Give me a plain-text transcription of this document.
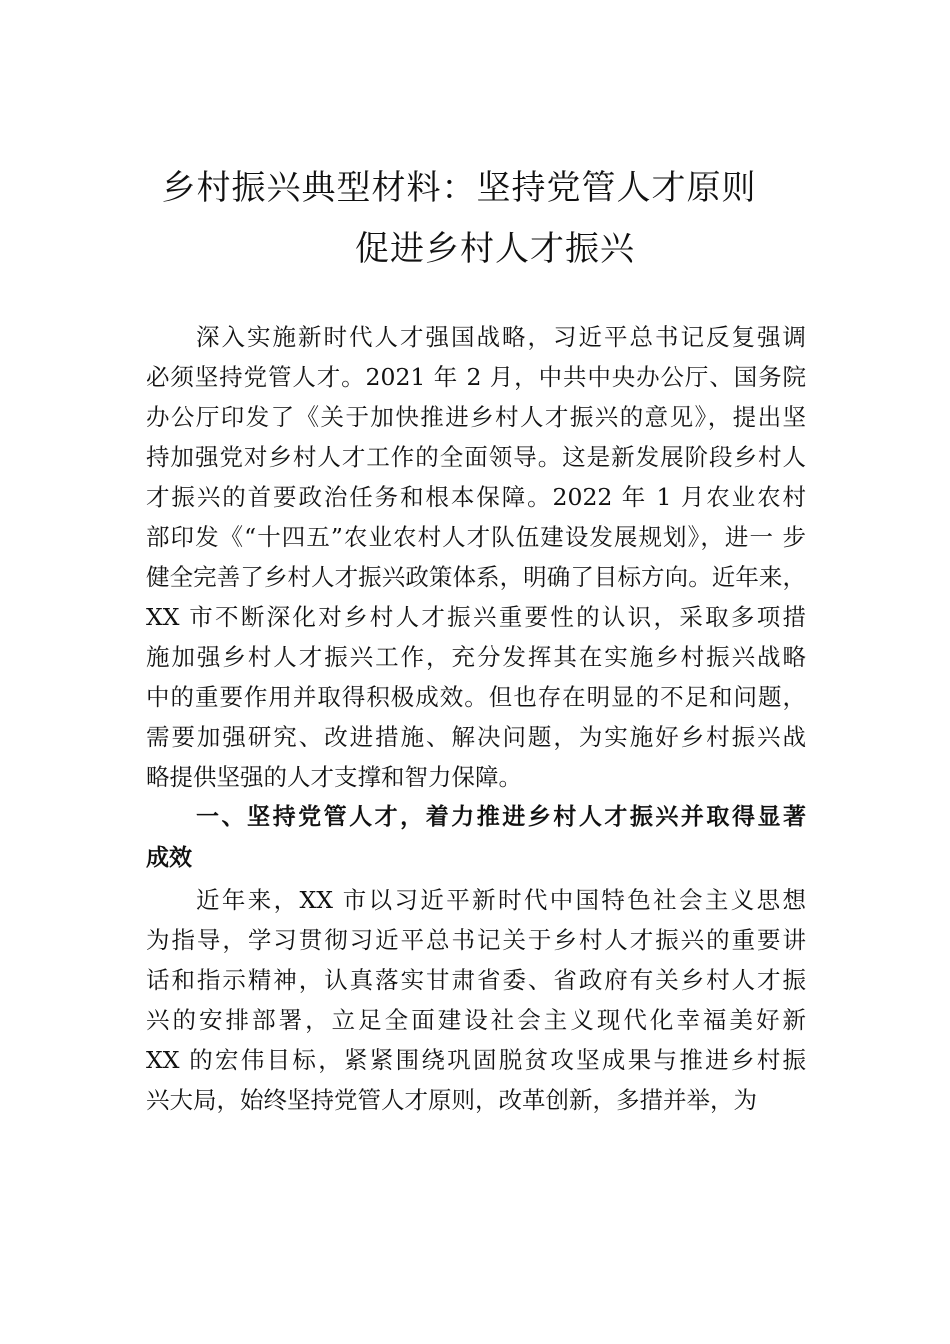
乡村振兴典型材料：坚持党管人才原则
促进乡村人才振兴
深入实施新时代人才强国战略，习近平总书记反复强调
必须坚持党管人才。2021 年 2 月，中共中央办公厅、国务院
办公厅印发了《关于加快推进乡村人才振兴的意见》，提出坚
持加强党对乡村人才工作的全面领导。这是新发展阶段乡村人
才振兴的首要政治任务和根本保障。2022 年 1 月农业农村
部印发《“十四五”农业农村人才队伍建设发展规划》，进一 步
健全完善了乡村人才振兴政策体系，明确了目标方向。近年来，
XX 市不断深化对乡村人才振兴重要性的认识，采取多项措
施加强乡村人才振兴工作，充分发挥其在实施乡村振兴战略
中的重要作用并取得积极成效。但也存在明显的不足和问题，
需要加强研究、改进措施、解决问题，为实施好乡村振兴战
略提供坚强的人才支撑和智力保障。
一、坚持党管人才，着力推进乡村人才振兴并取得显著
成效
近年来，XX 市以习近平新时代中国特色社会主义思想
为指导，学习贯彻习近平总书记关于乡村人才振兴的重要讲
话和指示精神，认真落实甘肃省委、省政府有关乡村人才振
兴的安排部署，立足全面建设社会主义现代化幸福美好新
XX 的宏伟目标，紧紧围绕巩固脱贫攻坚成果与推进乡村振
兴大局，始终坚持党管人才原则，改革创新，多措并举，为
